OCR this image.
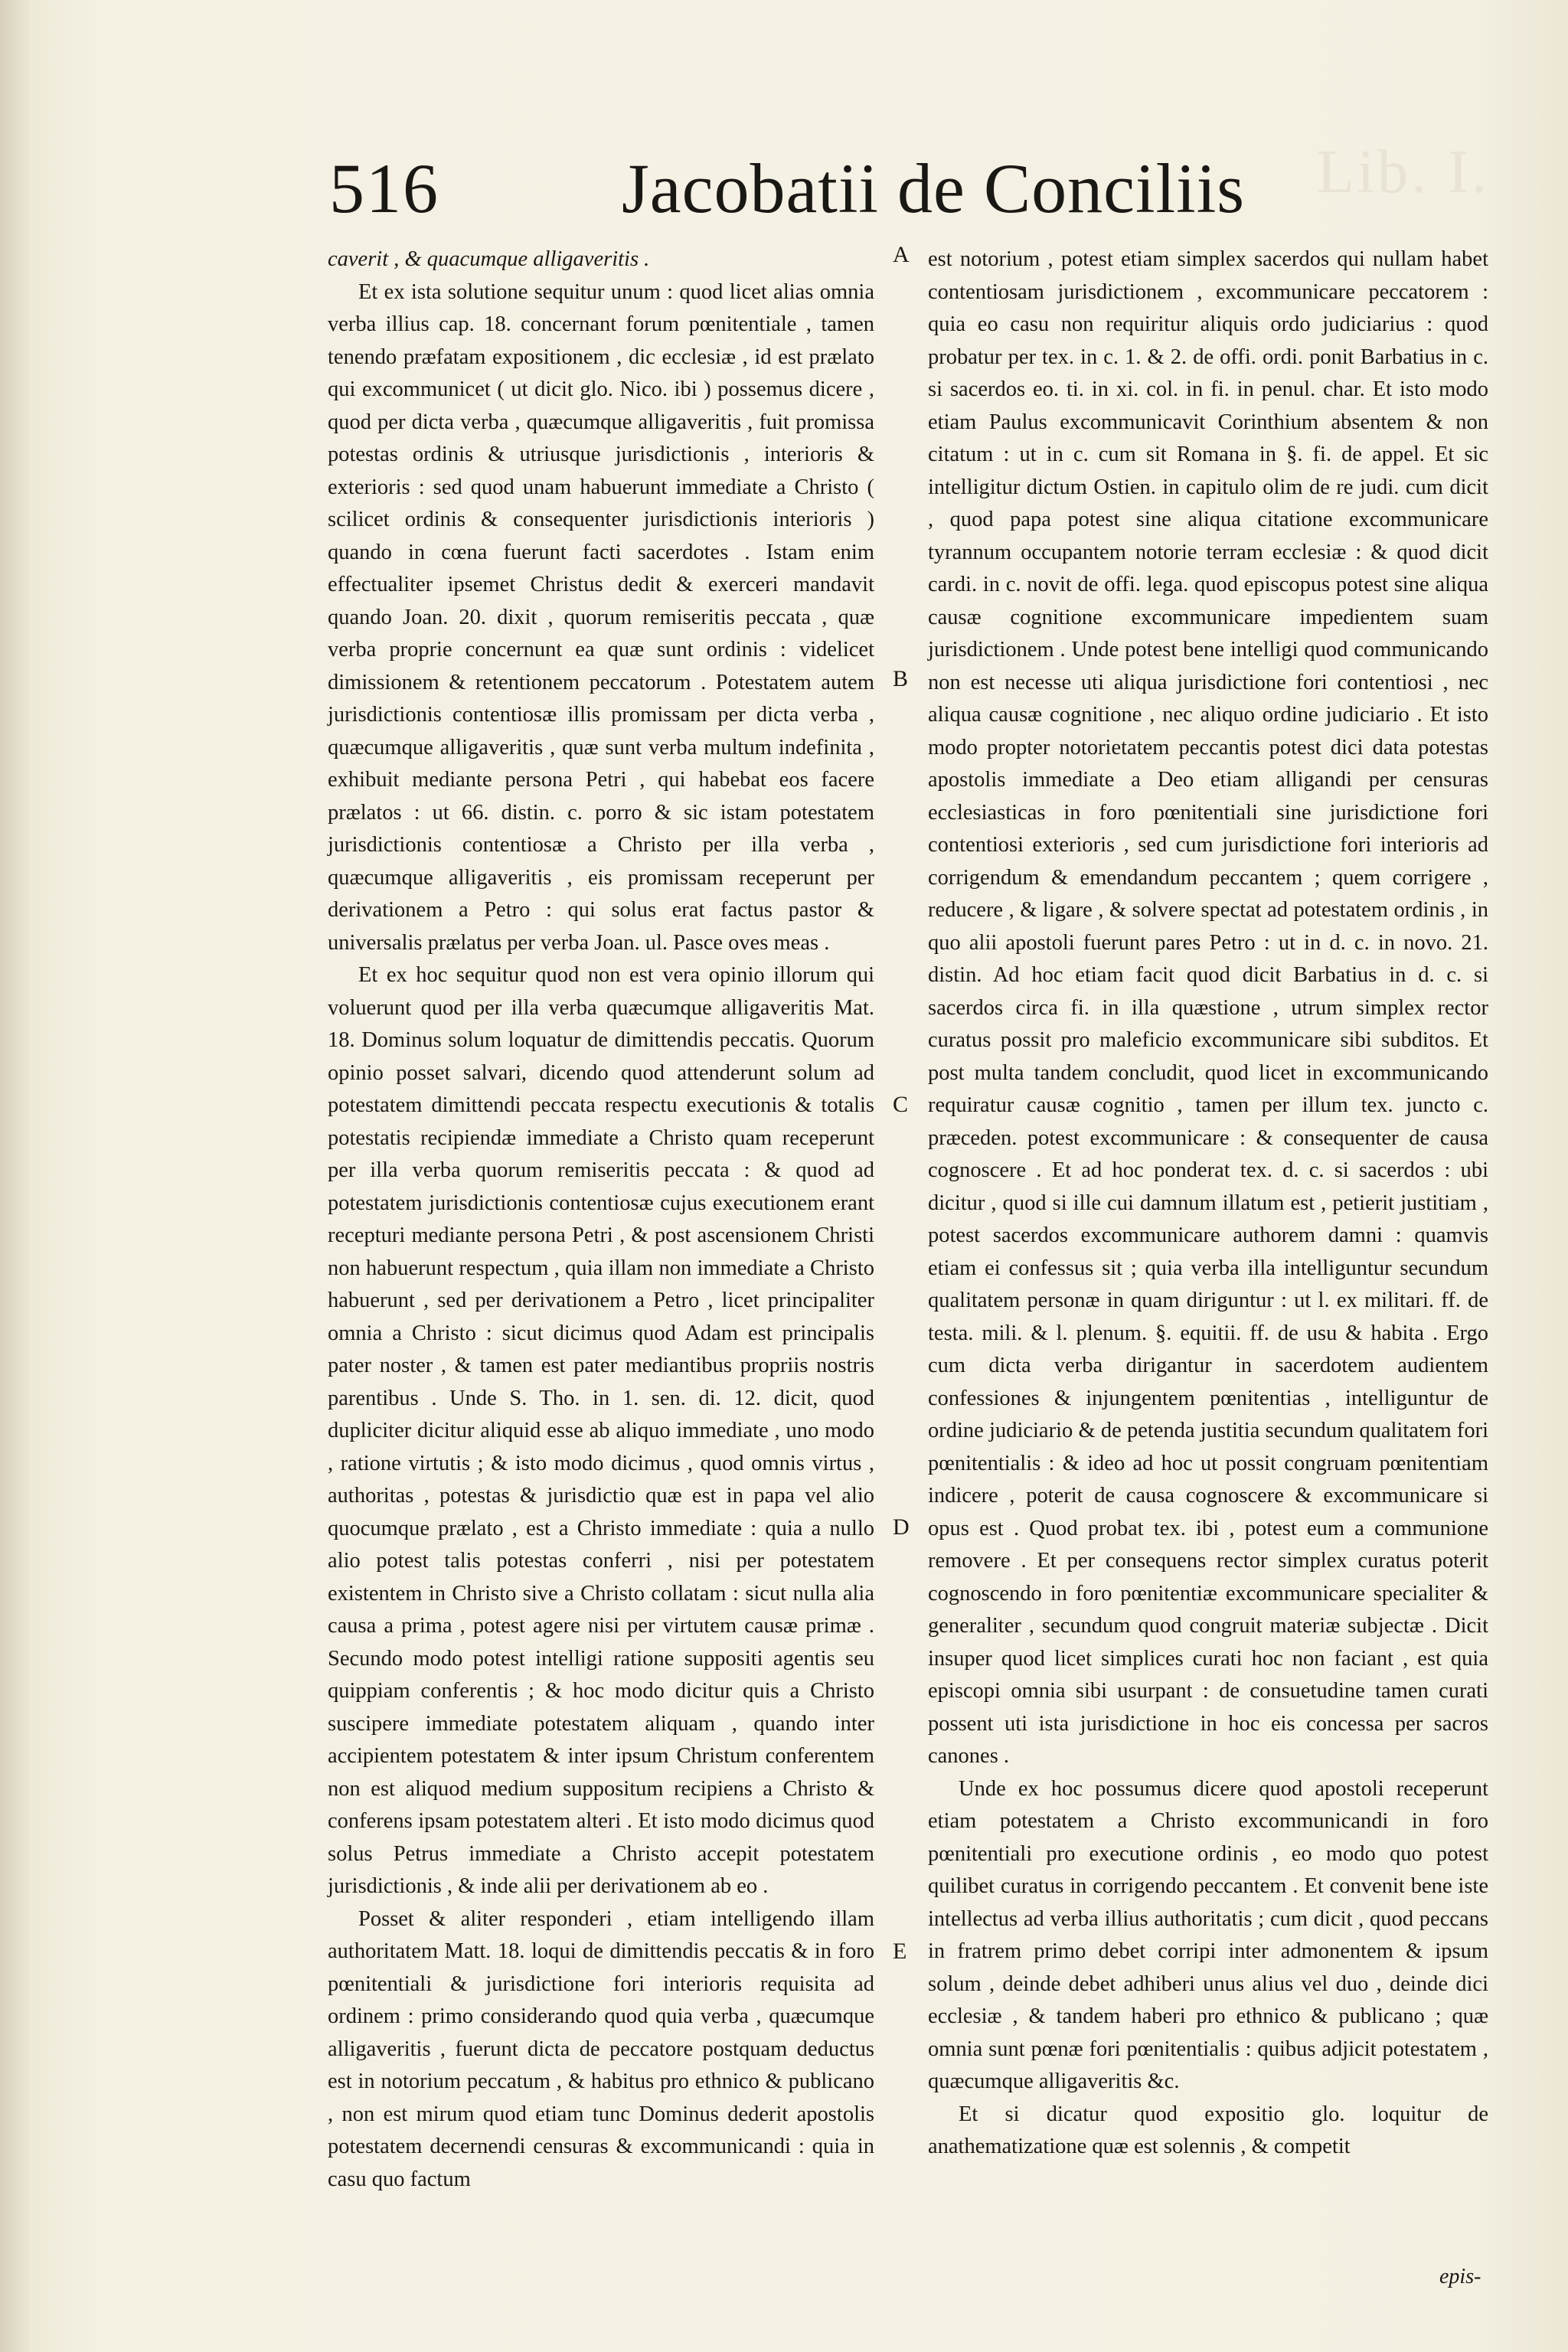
Lib. I.
516	Jacobatii de Conciliis

caverit , & quacumque alligaveritis .

Et ex ista solutione sequitur unum : quod licet alias omnia verba illius cap. 18. concernant forum pœnitentiale , tamen tenendo præfatam expositionem , dic ecclesiæ , id est prælato qui excommunicet ( ut dicit glo. Nico. ibi ) possemus dicere , quod per dicta verba , quæcumque alligaveritis , fuit promissa potestas ordinis & utriusque jurisdictionis , interioris & exterioris : sed quod unam habuerunt immediate a Christo ( scilicet ordinis & consequenter jurisdictionis interioris ) quando in cœna fuerunt facti sacerdotes . Istam enim effectualiter ipsemet Christus dedit & exerceri mandavit quando Joan. 20. dixit , quorum remiseritis peccata , quæ verba proprie concernunt ea quæ sunt ordinis : videlicet dimissionem & retentionem peccatorum . Potestatem autem jurisdictionis contentiosæ illis promissam per dicta verba , quæcumque alligaveritis , quæ sunt verba multum indefinita , exhibuit mediante persona Petri , qui habebat eos facere prælatos : ut 66. distin. c. porro & sic istam potestatem jurisdictionis contentiosæ a Christo per illa verba , quæcumque alligaveritis , eis promissam receperunt per derivationem a Petro : qui solus erat factus pastor & universalis prælatus per verba Joan. ul. Pasce oves meas .

Et ex hoc sequitur quod non est vera opinio illorum qui voluerunt quod per illa verba quæcumque alligaveritis Mat. 18. Dominus solum loquatur de dimittendis peccatis. Quorum opinio posset salvari, dicendo quod attenderunt solum ad potestatem dimittendi peccata respectu executionis & totalis potestatis recipiendæ immediate a Christo quam receperunt per illa verba quorum remiseritis peccata : & quod ad potestatem jurisdictionis contentiosæ cujus executionem erant recepturi mediante persona Petri , & post ascensionem Christi non habuerunt respectum , quia illam non immediate a Christo habuerunt , sed per derivationem a Petro , licet principaliter omnia a Christo : sicut dicimus quod Adam est principalis pater noster , & tamen est pater mediantibus propriis nostris parentibus . Unde S. Tho. in 1. sen. di. 12. dicit, quod dupliciter dicitur aliquid esse ab aliquo immediate , uno modo , ratione virtutis ; & isto modo dicimus , quod omnis virtus , authoritas , potestas & jurisdictio quæ est in papa vel alio quocumque prælato , est a Christo immediate : quia a nullo alio potest talis potestas conferri , nisi per potestatem existentem in Christo sive a Christo collatam : sicut nulla alia causa a prima , potest agere nisi per virtutem causæ primæ . Secundo modo potest intelligi ratione suppositi agentis seu quippiam conferentis ; & hoc modo dicitur quis a Christo suscipere immediate potestatem aliquam , quando inter accipientem potestatem & inter ipsum Christum conferentem non est aliquod medium suppositum recipiens a Christo & conferens ipsam potestatem alteri . Et isto modo dicimus quod solus Petrus immediate a Christo accepit potestatem jurisdictionis , & inde alii per derivationem ab eo .

Posset & aliter responderi , etiam intelligendo illam authoritatem Matt. 18. loqui de dimittendis peccatis & in foro pœnitentiali & jurisdictione fori interioris requisita ad ordinem : primo considerando quod quia verba , quæcumque alligaveritis , fuerunt dicta de peccatore postquam deductus est in notorium peccatum , & habitus pro ethnico & publicano , non est mirum quod etiam tunc Dominus dederit apostolis potestatem decernendi censuras & excommunicandi : quia in casu quo factum

A
B
C
D
E

est notorium , potest etiam simplex sacerdos qui nullam habet contentiosam jurisdictionem , excommunicare peccatorem : quia eo casu non requiritur aliquis ordo judiciarius : quod probatur per tex. in c. 1. & 2. de offi. ordi. ponit Barbatius in c. si sacerdos eo. ti. in xi. col. in fi. in penul. char. Et isto modo etiam Paulus excommunicavit Corinthium absentem & non citatum : ut in c. cum sit Romana in §. fi. de appel. Et sic intelligitur dictum Ostien. in capitulo olim de re judi. cum dicit , quod papa potest sine aliqua citatione excommunicare tyrannum occupantem notorie terram ecclesiæ : & quod dicit cardi. in c. novit de offi. lega. quod episcopus potest sine aliqua causæ cognitione excommunicare impedientem suam jurisdictionem . Unde potest bene intelligi quod communicando non est necesse uti aliqua jurisdictione fori contentiosi , nec aliqua causæ cognitione , nec aliquo ordine judiciario . Et isto modo propter notorietatem peccantis potest dici data potestas apostolis immediate a Deo etiam alligandi per censuras ecclesiasticas in foro pœnitentiali sine jurisdictione fori contentiosi exterioris , sed cum jurisdictione fori interioris ad corrigendum & emendandum peccantem ; quem corrigere , reducere , & ligare , & solvere spectat ad potestatem ordinis , in quo alii apostoli fuerunt pares Petro : ut in d. c. in novo. 21. distin. Ad hoc etiam facit quod dicit Barbatius in d. c. si sacerdos circa fi. in illa quæstione , utrum simplex rector curatus possit pro maleficio excommunicare sibi subditos. Et post multa tandem concludit, quod licet in excommunicando requiratur causæ cognitio , tamen per illum tex. juncto c. præceden. potest excommunicare : & consequenter de causa cognoscere . Et ad hoc ponderat tex. d. c. si sacerdos : ubi dicitur , quod si ille cui damnum illatum est , petierit justitiam , potest sacerdos excommunicare authorem damni : quamvis etiam ei confessus sit ; quia verba illa intelliguntur secundum qualitatem personæ in quam diriguntur : ut l. ex militari. ff. de testa. mili. & l. plenum. §. equitii. ff. de usu & habita . Ergo cum dicta verba dirigantur in sacerdotem audientem confessiones & injungentem pœnitentias , intelliguntur de ordine judiciario & de petenda justitia secundum qualitatem fori pœnitentialis : & ideo ad hoc ut possit congruam pœnitentiam indicere , poterit de causa cognoscere & excommunicare si opus est . Quod probat tex. ibi , potest eum a communione removere . Et per consequens rector simplex curatus poterit cognoscendo in foro pœnitentiæ excommunicare specialiter & generaliter , secundum quod congruit materiæ subjectæ . Dicit insuper quod licet simplices curati hoc non faciant , est quia episcopi omnia sibi usurpant : de consuetudine tamen curati possent uti ista jurisdictione in hoc eis concessa per sacros canones .

Unde ex hoc possumus dicere quod apostoli receperunt etiam potestatem a Christo excommunicandi in foro pœnitentiali pro executione ordinis , eo modo quo potest quilibet curatus in corrigendo peccantem . Et convenit bene iste intellectus ad verba illius authoritatis ; cum dicit , quod peccans in fratrem primo debet corripi inter admonentem & ipsum solum , deinde debet adhiberi unus alius vel duo , deinde dici ecclesiæ , & tandem haberi pro ethnico & publicano ; quæ omnia sunt pœnæ fori pœnitentialis : quibus adjicit potestatem , quæcumque alligaveritis &c.

Et si dicatur quod expositio glo. loquitur de anathematizatione quæ est solennis , & competit

epis-
